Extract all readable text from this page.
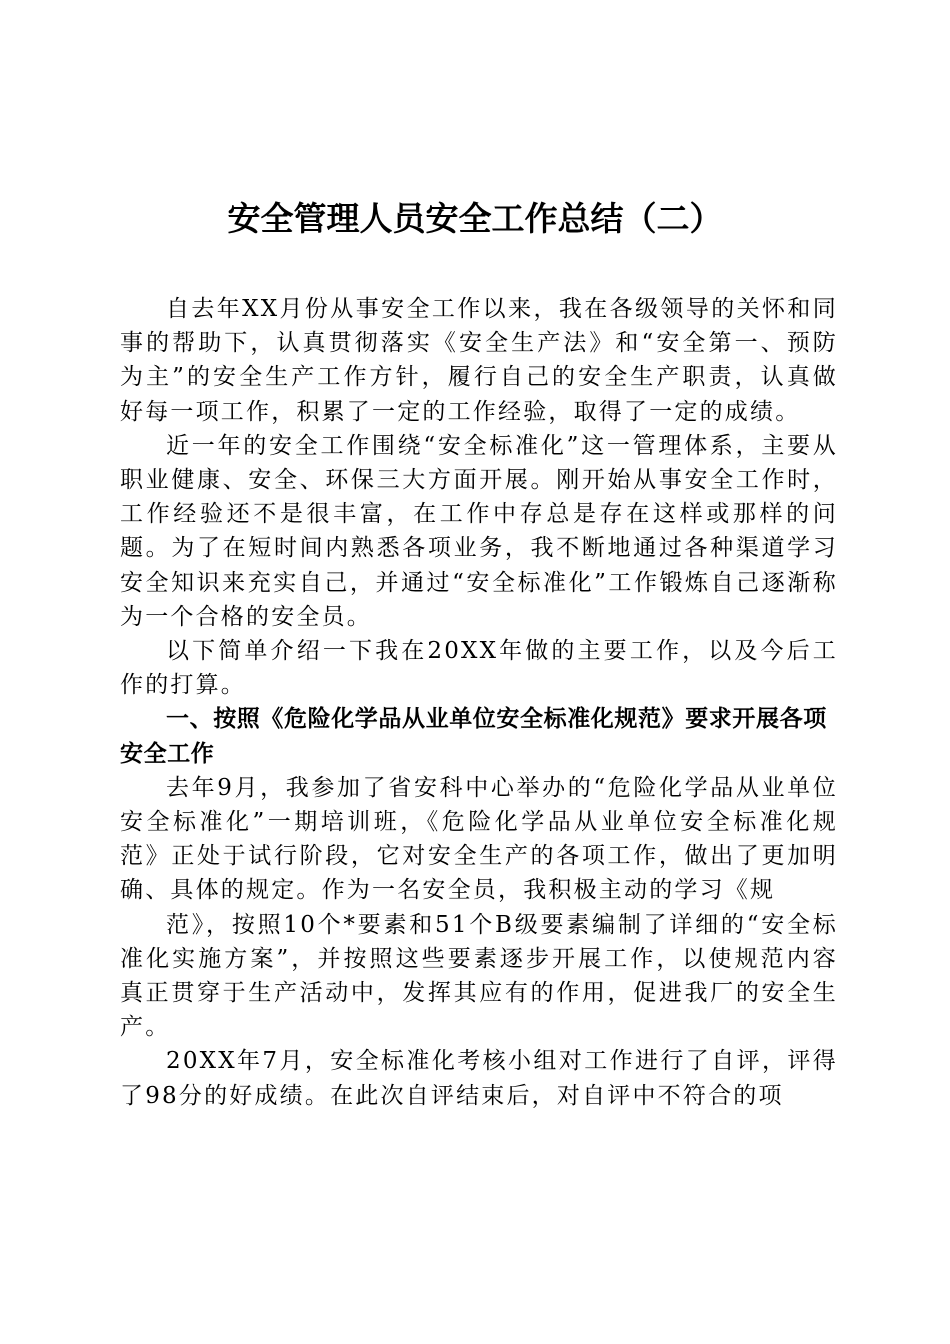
安全管理人员安全工作总结（二）

自去年XX月份从事安全工作以来，我在各级领导的关怀和同事的帮助下，认真贯彻落实《安全生产法》和“安全第一、预防为主”的安全生产工作方针，履行自己的安全生产职责，认真做好每一项工作，积累了一定的工作经验，取得了一定的成绩。

近一年的安全工作围绕“安全标准化”这一管理体系，主要从职业健康、安全、环保三大方面开展。刚开始从事安全工作时，工作经验还不是很丰富，在工作中存总是存在这样或那样的问题。为了在短时间内熟悉各项业务，我不断地通过各种渠道学习安全知识来充实自己，并通过“安全标准化”工作锻炼自己逐渐称为一个合格的安全员。

以下简单介绍一下我在20XX年做的主要工作，以及今后工作的打算。

一、按照《危险化学品从业单位安全标准化规范》要求开展各项安全工作

去年9月，我参加了省安科中心举办的“危险化学品从业单位安全标准化”一期培训班，《危险化学品从业单位安全标准化规范》正处于试行阶段，它对安全生产的各项工作，做出了更加明确、具体的规定。作为一名安全员，我积极主动的学习《规

范》，按照10个*要素和51个B级要素编制了详细的“安全标准化实施方案”，并按照这些要素逐步开展工作，以使规范内容真正贯穿于生产活动中，发挥其应有的作用，促进我厂的安全生产。

20XX年7月，安全标准化考核小组对工作进行了自评，评得了98分的好成绩。在此次自评结束后，对自评中不符合的项
